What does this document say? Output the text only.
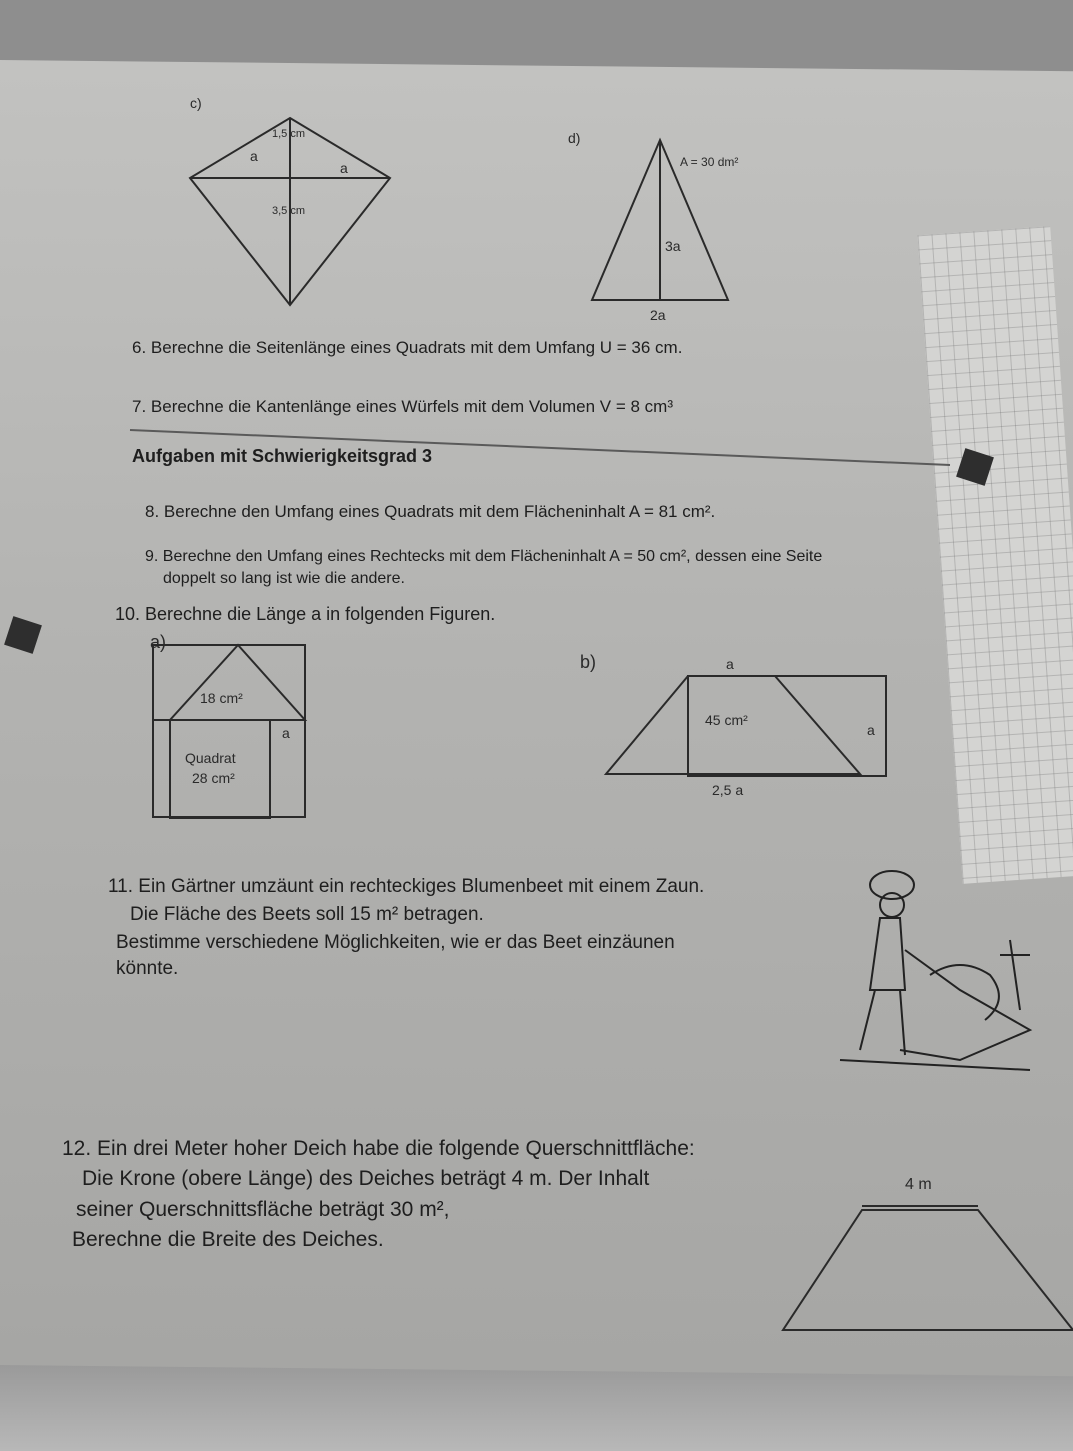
c)
a
a
1,5 cm
3,5 cm
d)
A = 30 dm²
3a
2a
a)
18 cm²
a
Quadrat
28 cm²
b)	a
a
45 cm²
2,5 a
4 m
6. Berechne die Seitenlänge eines Quadrats mit dem Umfang U = 36 cm.
7. Berechne die Kantenlänge eines Würfels mit dem Volumen V = 8 cm³
Aufgaben mit Schwierigkeitsgrad 3
8. Berechne den Umfang eines Quadrats mit dem Flächeninhalt A = 81 cm².
9. Berechne den Umfang eines Rechtecks mit dem Flächeninhalt A = 50 cm², dessen eine Seite
doppelt so lang ist wie die andere.
10. Berechne die Länge a in folgenden Figuren.
11. Ein Gärtner umzäunt ein rechteckiges Blumenbeet mit einem Zaun.
Die Fläche des Beets soll 15 m² betragen.
Bestimme verschiedene Möglichkeiten, wie er das Beet einzäunen
könnte.
12. Ein drei Meter hoher Deich habe die folgende Querschnittfläche:
Die Krone (obere Länge) des Deiches beträgt 4 m. Der Inhalt
seiner Querschnittsfläche beträgt 30 m²,
Berechne die Breite des Deiches.
